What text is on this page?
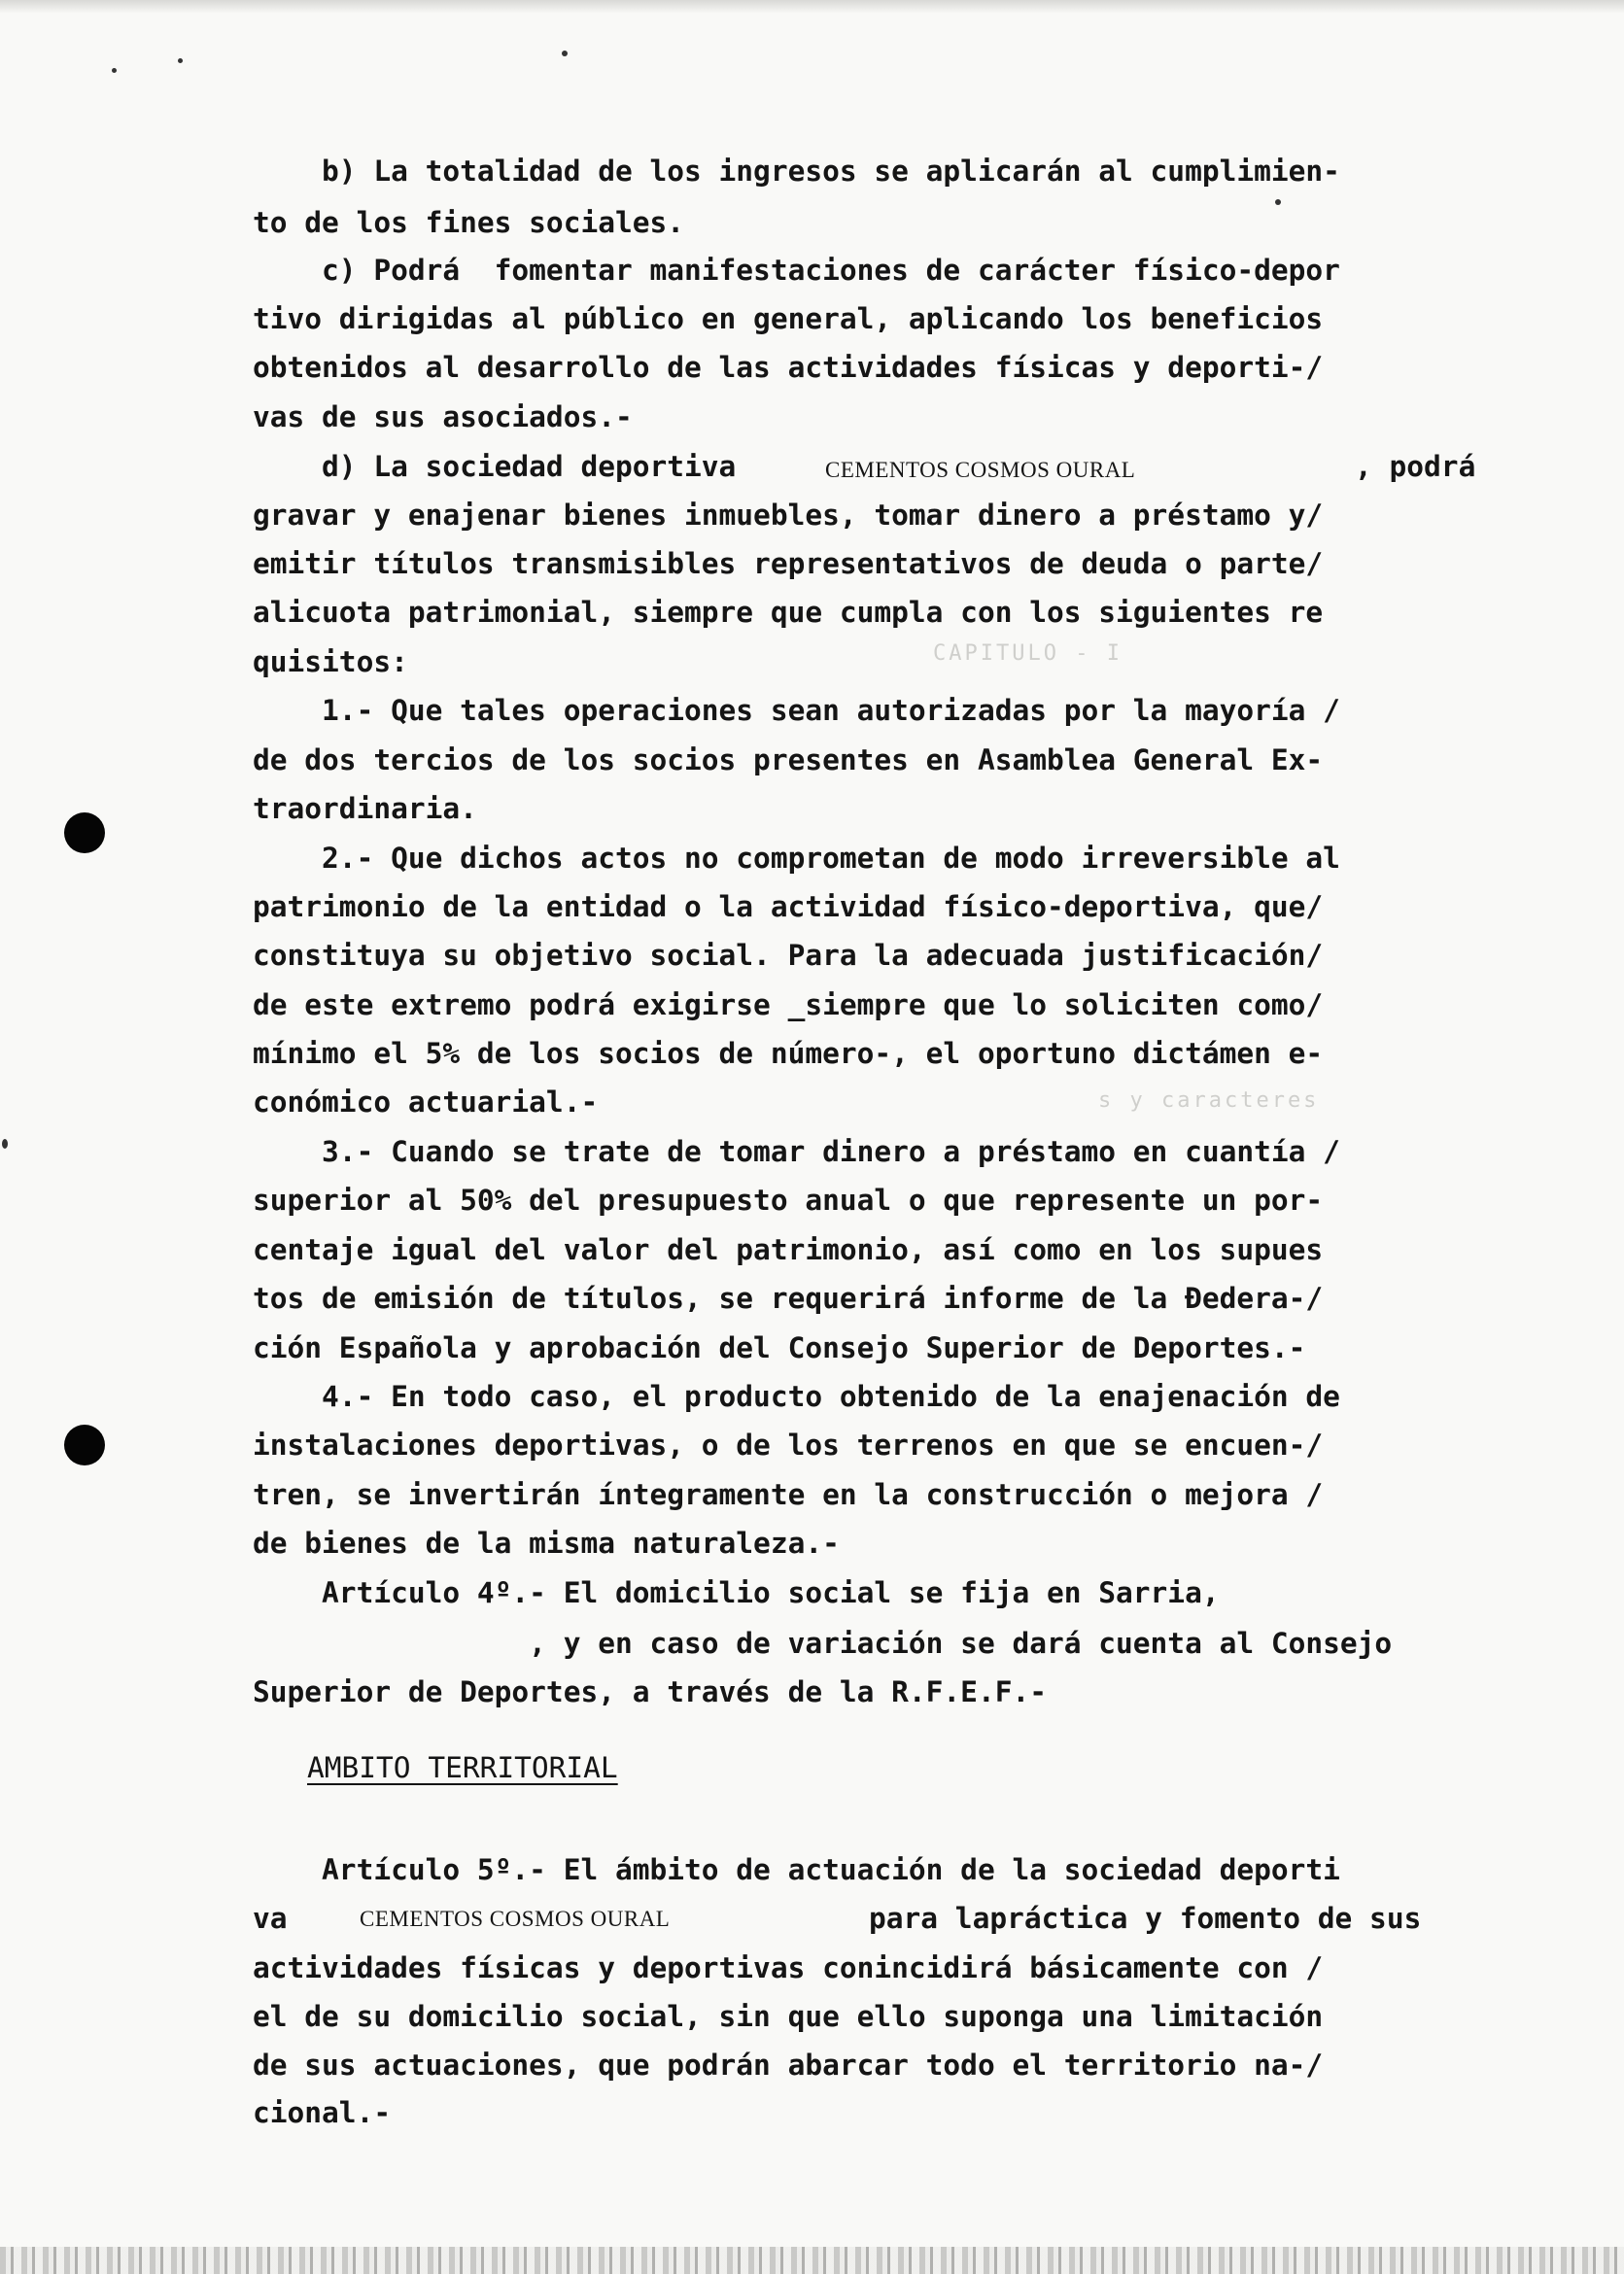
CAPITULO - I
s y caracteres
b) La totalidad de los ingresos se aplicarán al cumplimien-
to de los fines sociales.
c) Podrá  fomentar manifestaciones de carácter físico-depor
tivo dirigidas al público en general, aplicando los beneficios
obtenidos al desarrollo de las actividades físicas y deporti-/
vas de sus asociados.-
d) La sociedad deportiva	CEMENTOS COSMOS OURAL	, podrá
gravar y enajenar bienes inmuebles, tomar dinero a préstamo y/
emitir títulos transmisibles representativos de deuda o parte/
alicuota patrimonial, siempre que cumpla con los siguientes re
quisitos:
1.- Que tales operaciones sean autorizadas por la mayoría /
de dos tercios de los socios presentes en Asamblea General Ex-
traordinaria.
2.- Que dichos actos no comprometan de modo irreversible al
patrimonio de la entidad o la actividad físico-deportiva, que/
constituya su objetivo social. Para la adecuada justificación/
de este extremo podrá exigirse _siempre que lo soliciten como/
mínimo el 5% de los socios de número-, el oportuno dictámen e-
conómico actuarial.-
3.- Cuando se trate de tomar dinero a préstamo en cuantía /
superior al 50% del presupuesto anual o que represente un por-
centaje igual del valor del patrimonio, así como en los supues
tos de emisión de títulos, se requerirá informe de la Ðedera-/
ción Española y aprobación del Consejo Superior de Deportes.-
4.- En todo caso, el producto obtenido de la enajenación de
instalaciones deportivas, o de los terrenos en que se encuen-/
tren, se invertirán íntegramente en la construcción o mejora /
de bienes de la misma naturaleza.-
Artículo 4º.- El domicilio social se fija en Sarria,
, y en caso de variación se dará cuenta al Consejo
Superior de Deportes, a través de la R.F.E.F.-
AMBITO TERRITORIAL
Artículo 5º.- El ámbito de actuación de la sociedad deporti
va	CEMENTOS COSMOS OURAL	para lapráctica y fomento de sus
actividades físicas y deportivas conincidirá básicamente con /
el de su domicilio social, sin que ello suponga una limitación
de sus actuaciones, que podrán abarcar todo el territorio na-/
cional.-
